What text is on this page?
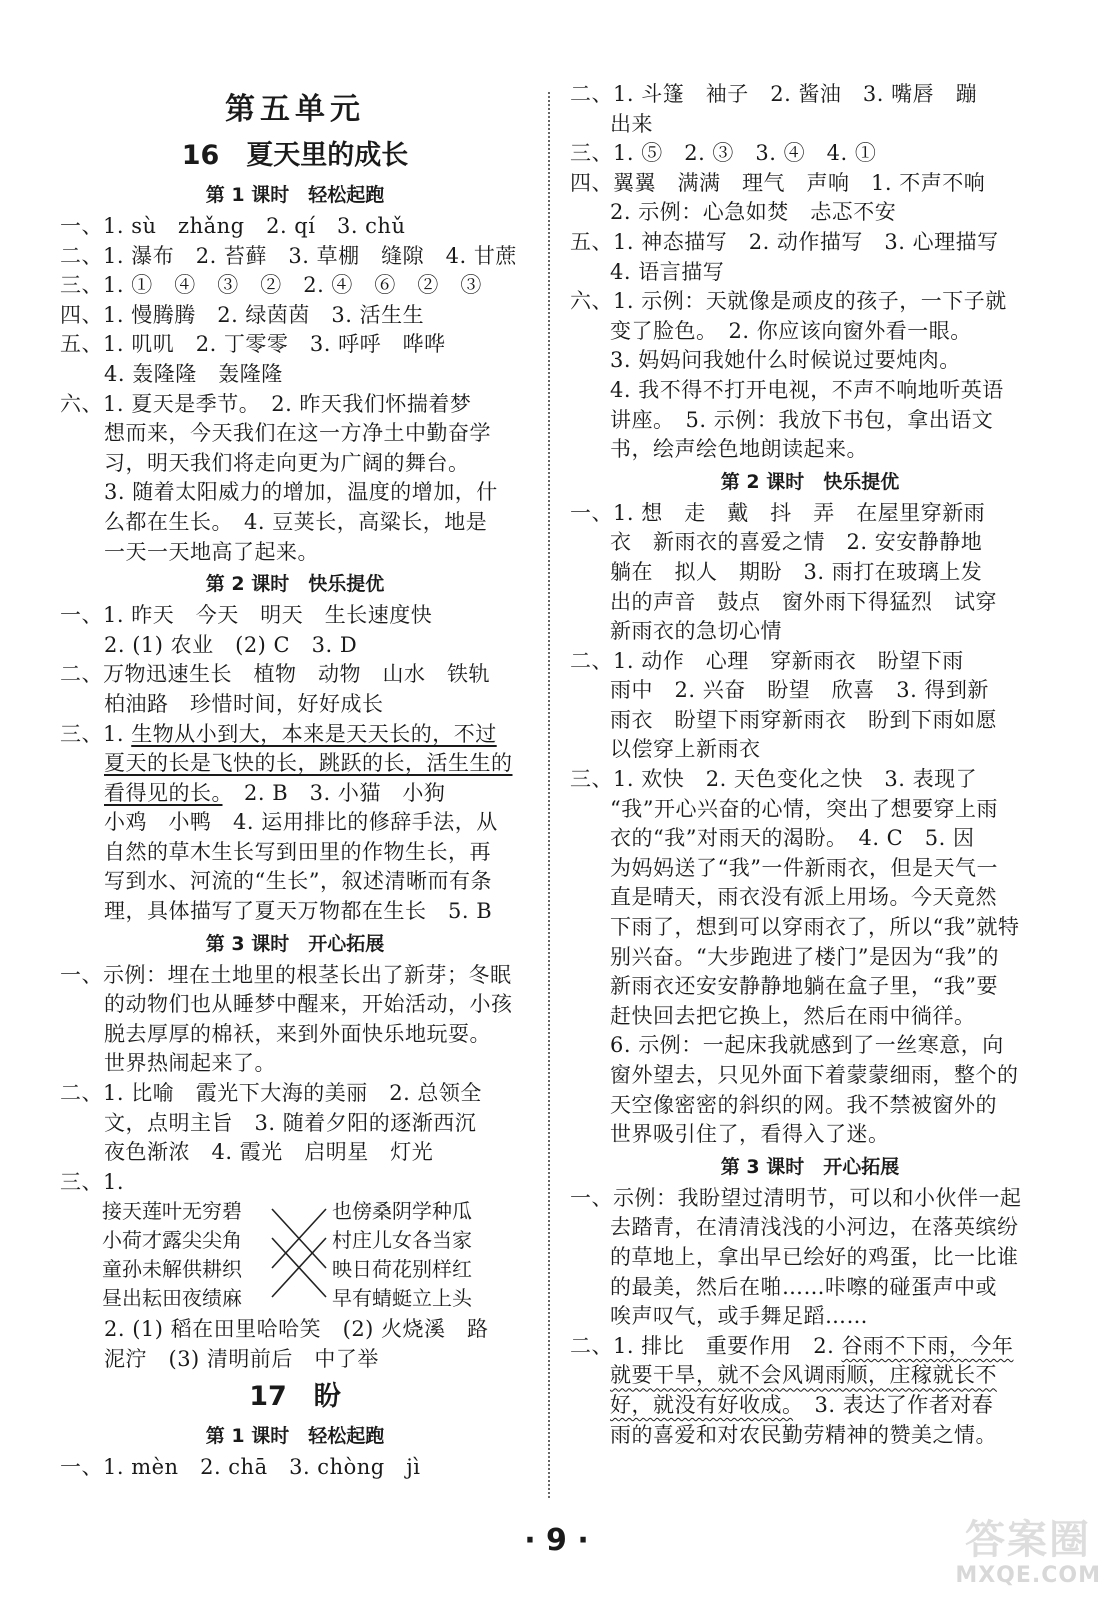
第五单元
16　夏天里的成长
第 1 课时　轻松起跑
一、1. sù　zhǎng　2. qí　3. chǔ
二、1. 瀑布　2. 苔藓　3. 草棚　缝隙　4. 甘蔗
三、1. ①　④　③　②　2. ④　⑥　②　③
四、1. 慢腾腾　2. 绿茵茵　3. 活生生
五、1. 叽叽　2. 丁零零　3. 呼呼　哗哗
4. 轰隆隆　轰隆隆
六、1. 夏天是季节。　2. 昨天我们怀揣着梦
想而来，今天我们在这一方净土中勤奋学
习，明天我们将走向更为广阔的舞台。
3. 随着太阳威力的增加，温度的增加，什
么都在生长。　4. 豆荚长，高粱长，地是
一天一天地高了起来。
第 2 课时　快乐提优
一、1. 昨天　今天　明天　生长速度快
2. (1) 农业　(2) C　3. D
二、万物迅速生长　植物　动物　山水　铁轨
柏油路　珍惜时间，好好成长
三、1. 生物从小到大，本来是天天长的，不过
夏天的长是飞快的长，跳跃的长，活生生的
看得见的长。　2. B　3. 小猫　小狗
小鸡　小鸭　4. 运用排比的修辞手法，从
自然的草木生长写到田里的作物生长，再
写到水、河流的“生长”，叙述清晰而有条
理，具体描写了夏天万物都在生长　5. B
第 3 课时　开心拓展
一、示例：埋在土地里的根茎长出了新芽；冬眠
的动物们也从睡梦中醒来，开始活动，小孩
脱去厚厚的棉袄，来到外面快乐地玩耍。
世界热闹起来了。
二、1. 比喻　霞光下大海的美丽　2. 总领全
文，点明主旨　3. 随着夕阳的逐渐西沉
夜色渐浓　4. 霞光　启明星　灯光
三、1.
接天莲叶无穷碧
小荷才露尖尖角
童孙未解供耕织
昼出耘田夜绩麻
也傍桑阴学种瓜
村庄儿女各当家
映日荷花别样红
早有蜻蜓立上头
2. (1) 稻在田里哈哈笑　(2) 火烧溪　路
泥泞　(3) 清明前后　中了举
17　盼
第 1 课时　轻松起跑
一、1. mèn　2. chā　3. chòng　jì
二、1. 斗篷　袖子　2. 酱油　3. 嘴唇　蹦
出来
三、1. ⑤　2. ③　3. ④　4. ①
四、翼翼　满满　理气　声响　1. 不声不响
2. 示例：心急如焚　忐忑不安
五、1. 神态描写　2. 动作描写　3. 心理描写
4. 语言描写
六、1. 示例：天就像是顽皮的孩子，一下子就
变了脸色。　2. 你应该向窗外看一眼。
3. 妈妈问我她什么时候说过要炖肉。
4. 我不得不打开电视，不声不响地听英语
讲座。　5. 示例：我放下书包，拿出语文
书，绘声绘色地朗读起来。
第 2 课时　快乐提优
一、1. 想　走　戴　抖　弄　在屋里穿新雨
衣　新雨衣的喜爱之情　2. 安安静静地
躺在　拟人　期盼　3. 雨打在玻璃上发
出的声音　鼓点　窗外雨下得猛烈　试穿
新雨衣的急切心情
二、1. 动作　心理　穿新雨衣　盼望下雨
雨中　2. 兴奋　盼望　欣喜　3. 得到新
雨衣　盼望下雨穿新雨衣　盼到下雨如愿
以偿穿上新雨衣
三、1. 欢快　2. 天色变化之快　3. 表现了
“我”开心兴奋的心情，突出了想要穿上雨
衣的“我”对雨天的渴盼。　4. C　5. 因
为妈妈送了“我”一件新雨衣，但是天气一
直是晴天，雨衣没有派上用场。今天竟然
下雨了，想到可以穿雨衣了，所以“我”就特
别兴奋。“大步跑进了楼门”是因为“我”的
新雨衣还安安静静地躺在盒子里，“我”要
赶快回去把它换上，然后在雨中徜徉。
6. 示例：一起床我就感到了一丝寒意，向
窗外望去，只见外面下着蒙蒙细雨，整个的
天空像密密的斜织的网。我不禁被窗外的
世界吸引住了，看得入了迷。
第 3 课时　开心拓展
一、示例：我盼望过清明节，可以和小伙伴一起
去踏青，在清清浅浅的小河边，在落英缤纷
的草地上，拿出早已绘好的鸡蛋，比一比谁
的最美，然后在啪……咔嚓的碰蛋声中或
唉声叹气，或手舞足蹈……
二、1. 排比　重要作用　2. 谷雨不下雨，今年
就要干旱，就不会风调雨顺，庄稼就长不
好，就没有好收成。　3. 表达了作者对春
雨的喜爱和对农民勤劳精神的赞美之情。
· 9 ·	答案圈
MXQE.COM
